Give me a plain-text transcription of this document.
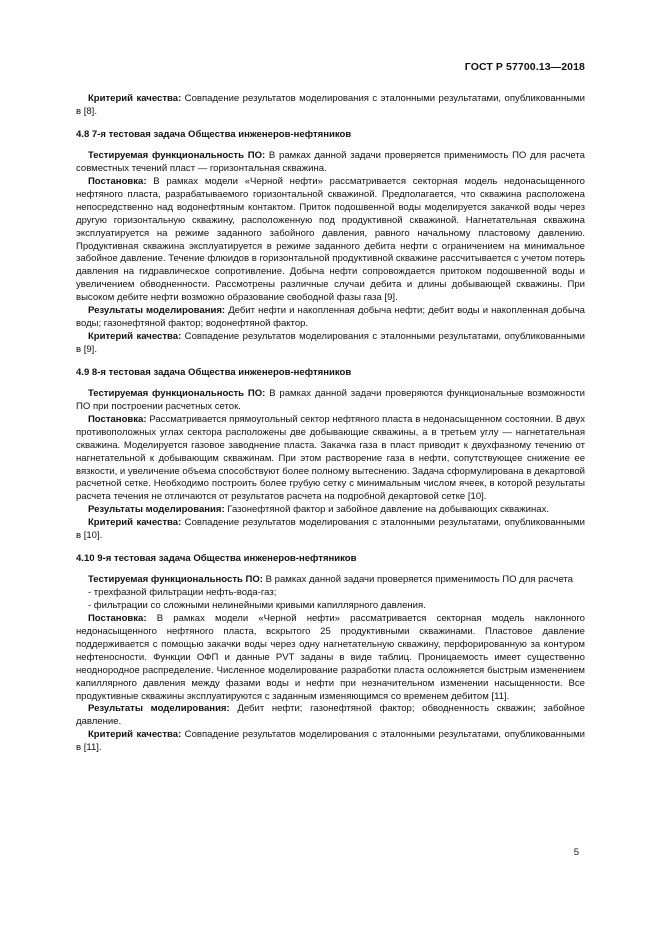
ГОСТ Р 57700.13—2018

Критерий качества: Совпадение результатов моделирования с эталонными результатами, опубликованными в [8].

4.8 7-я тестовая задача Общества инженеров-нефтяников

Тестируемая функциональность ПО: В рамках данной задачи проверяется применимость ПО для расчета совместных течений пласт — горизонтальная скважина.

Постановка: В рамках модели «Черной нефти» рассматривается секторная модель недонасыщенного нефтяного пласта, разрабатываемого горизонтальной скважиной. Предполагается, что скважина расположена непосредственно над водонефтяным контактом. Приток подошвенной воды моделируется закачкой воды через другую горизонтальную скважину, расположенную под продуктивной скважиной. Нагнетательная скважина эксплуатируется на режиме заданного забойного давления, равного начальному пластовому давлению. Продуктивная скважина эксплуатируется в режиме заданного дебита нефти с ограничением на минимальное забойное давление. Течение флюидов в горизонтальной продуктивной скважине рассчитывается с учетом потерь давления на гидравлическое сопротивление. Добыча нефти сопровождается притоком подошвенной воды и увеличением обводненности. Рассмотрены различные случаи дебита и длины добывающей скважины. При высоком дебите нефти возможно образование свободной фазы газа [9].

Результаты моделирования: Дебит нефти и накопленная добыча нефти; дебит воды и накопленная добыча воды; газонефтяной фактор; водонефтяной фактор.

Критерий качества: Совпадение результатов моделирования с эталонными результатами, опубликованными в [9].

4.9 8-я тестовая задача Общества инженеров-нефтяников

Тестируемая функциональность ПО: В рамках данной задачи проверяются функциональные возможности ПО при построении расчетных сеток.

Постановка: Рассматривается прямоугольный сектор нефтяного пласта в недонасыщенном состоянии. В двух противоположных углах сектора расположены две добывающие скважины, а в третьем углу — нагнетательная скважина. Моделируется газовое заводнение пласта. Закачка газа в пласт приводит к двухфазному течению от нагнетательной к добывающим скважинам. При этом растворение газа в нефти, сопутствующее снижение ее вязкости, и увеличение объема способствуют более полному вытеснению. Задача сформулирована в декартовой расчетной сетке. Необходимо построить более грубую сетку с минимальным числом ячеек, в которой результаты расчета течения не отличаются от результатов расчета на подробной декартовой сетке [10].

Результаты моделирования: Газонефтяной фактор и забойное давление на добывающих скважинах.

Критерий качества: Совпадение результатов моделирования с эталонными результатами, опубликованными в [10].

4.10 9-я тестовая задача Общества инженеров-нефтяников

Тестируемая функциональность ПО: В рамках данной задачи проверяется применимость ПО для расчета

- трехфазной фильтрации нефть-вода-газ;

- фильтрации со сложными нелинейными кривыми капиллярного давления.

Постановка: В рамках модели «Черной нефти» рассматривается секторная модель наклонного недонасыщенного нефтяного пласта, вскрытого 25 продуктивными скважинами. Пластовое давление поддерживается с помощью закачки воды через одну нагнетательную скважину, перфорированную за контуром нефтеносности. Функции ОФП и данные PVT заданы в виде таблиц. Проницаемость имеет существенно неоднородное распределение. Численное моделирование разработки пласта осложняется быстрым изменением капиллярного давления между фазами воды и нефти при незначительном изменении насыщенности. Все продуктивные скважины эксплуатируются с заданным изменяющимся со временем дебитом [11].

Результаты моделирования: Дебит нефти; газонефтяной фактор; обводненность скважин; забойное давление.

Критерий качества: Совпадение результатов моделирования с эталонными результатами, опубликованными в [11].

5
